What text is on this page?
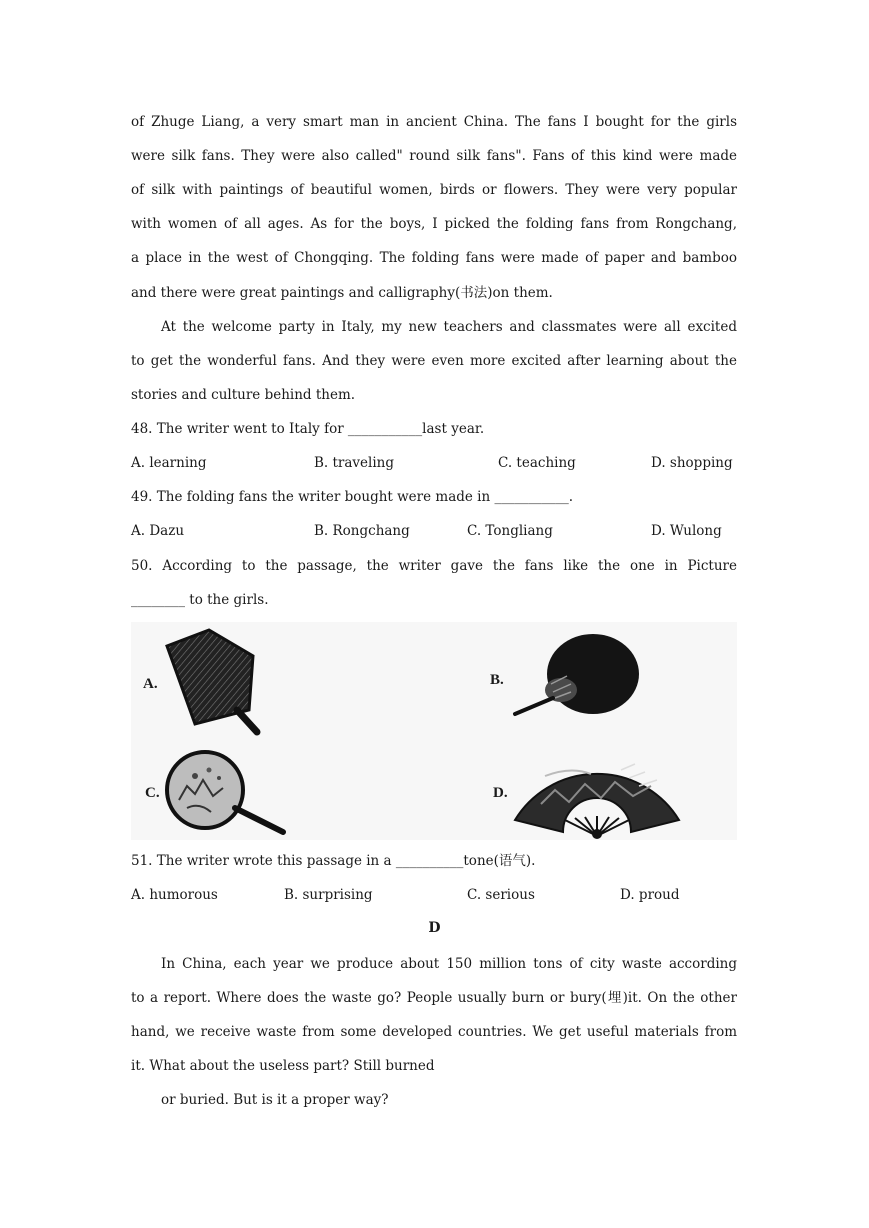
of Zhuge Liang, a very smart man in ancient China. The fans I bought for the girls
were silk fans. They were also called" round silk fans". Fans of this kind were made
of silk with paintings of beautiful women, birds or flowers. They were very popular
with women of all ages. As for the boys, I picked the folding fans from Rongchang,
a place in the west of Chongqing. The folding fans were made of paper and bamboo
and there were great paintings and calligraphy(书法)on them.
At the welcome party in Italy, my new teachers and classmates were all excited
to get the wonderful fans. And they were even more excited after learning about the
stories and culture behind them.
48. The writer went to Italy for ___________last year.
A. learning	B. traveling	C. teaching	D. shopping
49. The folding fans the writer bought were made in ___________.
A. Dazu	B. Rongchang	C. Tongliang	D. Wulong
50. According to the passage, the writer gave the fans like the one in Picture
________ to the girls.
A.	B.
C.	D.
51. The writer wrote this passage in a __________tone(语气).
A. humorous	B. surprising	C. serious	D. proud
D
In China, each year we produce about 150 million tons of city waste according
to a report. Where does the waste go? People usually burn or bury(埋)it. On the other
hand, we receive waste from some developed countries. We get useful materials from
it. What about the useless part? Still burned
or buried. But is it a proper way?
